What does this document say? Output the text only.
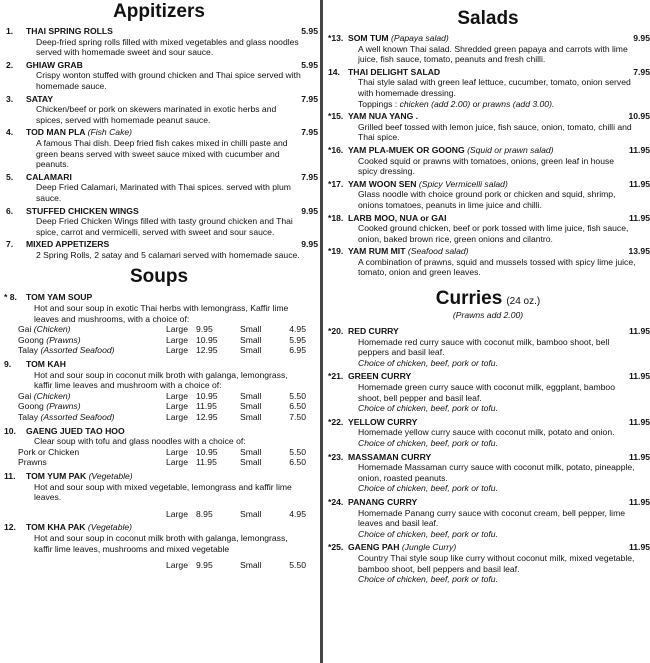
Appitizers
1.	THAI SPRING ROLLS	5.95
Deep-fried spring rolls filled with mixed vegetables and glass noodles served with homemade sweet and sour sauce.
2.	GHIAW GRAB	5.95
Crispy wonton stuffed with ground chicken and Thai spice served with homemade sauce.
3.	SATAY	7.95
Chicken/beef or pork on skewers marinated in exotic herbs and spices, served with homemade peanut sauce.
4.	TOD MAN PLA (Fish Cake)	7.95
A famous Thai dish. Deep fried fish cakes mixed in chilli paste and green beans served with sweet sauce mixed with cucumber and peanuts.
5.	CALAMARI	7.95
Deep Fried Calamari, Marinated with Thai spices. served with plum sauce.
6.	STUFFED CHICKEN WINGS	9.95
Deep Fried Chicken Wings filled with tasty ground chicken and Thai spice, carrot and vermicelli, served with sweet and sour sauce.
7.	MIXED APPETIZERS	9.95
2 Spring Rolls, 2 satay and 5 calamari served with homemade sauce.
Soups
* 8.	TOM YAM SOUP
Hot and sour soup in exotic Thai herbs with lemongrass, Kaffir lime leaves and mushrooms, with a choice of:
Gai (Chicken)	Large 9.95	Small	4.95
Goong (Prawns)	Large 10.95	Small	5.95
Talay (Assorted Seafood)	Large 12.95	Small	6.95
9.	TOM KAH
Hot and sour soup in coconut milk broth with galanga, lemongrass, kaffir lime leaves and mushroom with a choice of:
Gai (Chicken)	Large 10.95	Small	5.50
Goong (Prawns)	Large 11.95	Small	6.50
Talay (Assorted Seafood)	Large 12.95	Small	7.50
10.	GAENG JUED TAO HOO
Clear soup with tofu and glass noodles with a choice of:
Pork or Chicken	Large 10.95	Small	5.50
Prawns	Large 11.95	Small	6.50
11.	TOM YUM PAK (Vegetable)
Hot and sour soup with mixed vegetable, lemongrass and kaffir lime leaves.
Large 8.95	Small	4.95
12.	TOM KHA PAK (Vegetable)
Hot and sour soup in coconut milk broth with galanga, lemongrass, kaffir lime leaves, mushrooms and mixed vegetable
Large 9.95	Small	5.50
Salads
*13. SOM TUM (Papaya salad)	9.95
A well known Thai salad. Shredded green papaya and carrots with lime juice, fish sauce, tomato, peanuts and fresh chilli.
14. THAI DELIGHT SALAD	7.95
Thai style salad with green leaf lettuce, cucumber, tomato, onion served with homemade dressing.
Toppings : chicken (add 2.00) or prawns (add 3.00).
*15. YAM NUA YANG .	10.95
Grilled beef tossed with lemon juice, fish sauce, onion, tomato, chilli and Thai spice.
*16. YAM PLA-MUEK OR GOONG (Squid or prawn salad)	11.95
Cooked squid or prawns with tomatoes, onions, green leaf in house spicy dressing.
*17. YAM WOON SEN (Spicy Vermicelli salad)	11.95
Glass noodle with choice ground pork or chicken and squid, shrimp, onions tomatoes, peanuts in lime juice and chilli.
*18. LARB MOO, NUA or GAI	11.95
Cooked ground chicken, beef or pork tossed with lime juice, fish sauce, onion, baked brown rice, green onions and cilantro.
*19. YAM RUM MIT (Seafood salad)	13.95
A combination of prawns, squid and mussels tossed with spicy lime juice, tomato, onion and green leaves.
Curries (24 oz.)
(Prawns add 2.00)
*20. RED CURRY	11.95
Homemade red curry sauce with coconut milk, bamboo shoot, bell peppers and basil leaf.
Choice of chicken, beef, pork or tofu.
*21. GREEN CURRY	11.95
Homemade green curry sauce with coconut milk, eggplant, bamboo shoot, bell pepper and basil leaf.
Choice of chicken, beef, pork or tofu.
*22. YELLOW CURRY	11.95
Homemade yellow curry sauce with coconut milk, potato and onion.
Choice of chicken, beef, pork or tofu.
*23. MASSAMAN CURRY	11.95
Homemade Massaman curry sauce with coconut milk, potato, pineapple, onion, roasted peanuts.
Choice of chicken, beef, pork or tofu.
*24. PANANG CURRY	11.95
Homemade Panang curry sauce with coconut cream, bell pepper, lime leaves and basil leaf.
Choice of chicken, beef, pork or tofu.
*25. GAENG PAH (Jungle Curry)	11.95
Country Thai style soup like curry without coconut milk, mixed vegetable, bamboo shoot, bell peppers and basil leaf.
Choice of chicken, beef, pork or tofu.
